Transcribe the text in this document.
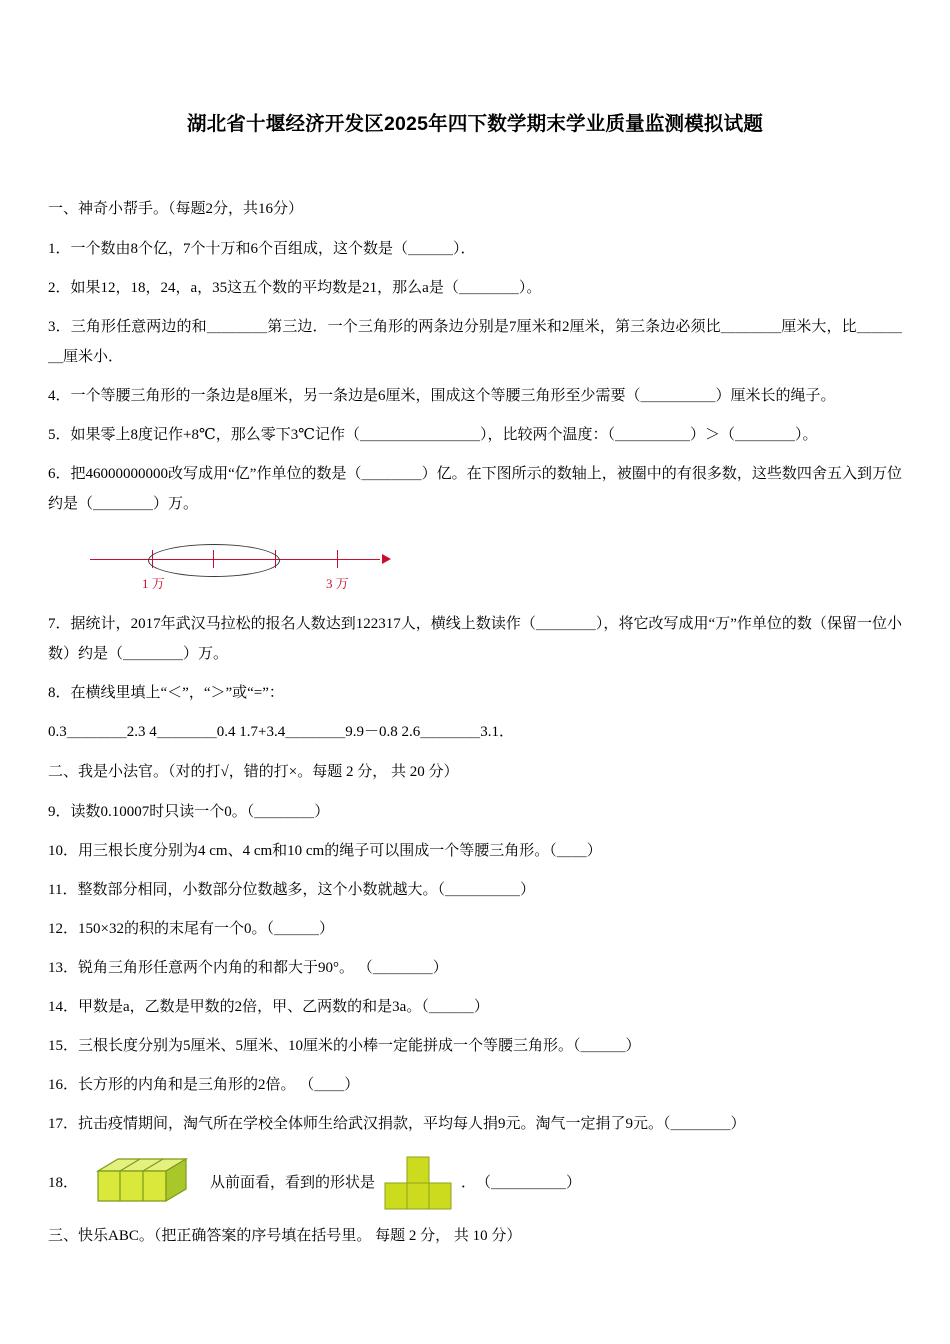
湖北省十堰经济开发区2025年四下数学期末学业质量监测模拟试题

一、神奇小帮手。（每题2分，共16分）

1．一个数由8个亿，7个十万和6个百组成，这个数是（＿＿＿）．

2．如果12，18，24，a，35这五个数的平均数是21，那么a是（＿＿＿＿）。

3．三角形任意两边的和＿＿＿＿第三边．一个三角形的两条边分别是7厘米和2厘米，第三条边必须比＿＿＿＿厘米大，比＿＿＿＿厘米小．

4．一个等腰三角形的一条边是8厘米，另一条边是6厘米，围成这个等腰三角形至少需要（＿＿＿＿＿）厘米长的绳子。

5．如果零上8度记作+8℃，那么零下3℃记作（＿＿＿＿＿＿＿＿），比较两个温度：（＿＿＿＿＿）＞（＿＿＿＿）。

6．把46000000000改写成用“亿”作单位的数是（＿＿＿＿）亿。在下图所示的数轴上，被圈中的有很多数，这些数四舍五入到万位约是（＿＿＿＿）万。

1 万	3 万

7．据统计，2017年武汉马拉松的报名人数达到122317人，横线上数读作（＿＿＿＿），将它改写成用“万”作单位的数（保留一位小数）约是（＿＿＿＿）万。

8．在横线里填上“＜”，“＞”或“=”：

0.3＿＿＿＿2.3 4＿＿＿＿0.4 1.7+3.4＿＿＿＿9.9－0.8 2.6＿＿＿＿3.1．

二、我是小法官。（对的打√，错的打×。每题 2 分， 共 20 分）

9．读数0.10007时只读一个0。（＿＿＿＿）

10．用三根长度分别为4 cm、4 cm和10 cm的绳子可以围成一个等腰三角形。（＿＿）

11．整数部分相同，小数部分位数越多，这个小数就越大。（＿＿＿＿＿）

12．150×32的积的末尾有一个0。（＿＿＿）

13．锐角三角形任意两个内角的和都大于90°。 （＿＿＿＿）

14．甲数是a，乙数是甲数的2倍，甲、乙两数的和是3a。（＿＿＿）

15．三根长度分别为5厘米、5厘米、10厘米的小棒一定能拼成一个等腰三角形。（＿＿＿）

16．长方形的内角和是三角形的2倍。 （＿＿）

17．抗击疫情期间，淘气所在学校全体师生给武汉捐款，平均每人捐9元。淘气一定捐了9元。（＿＿＿＿）

18．	从前面看，看到的形状是	．　（＿＿＿＿＿）

三、快乐ABC。（把正确答案的序号填在括号里。 每题 2 分， 共 10 分）
